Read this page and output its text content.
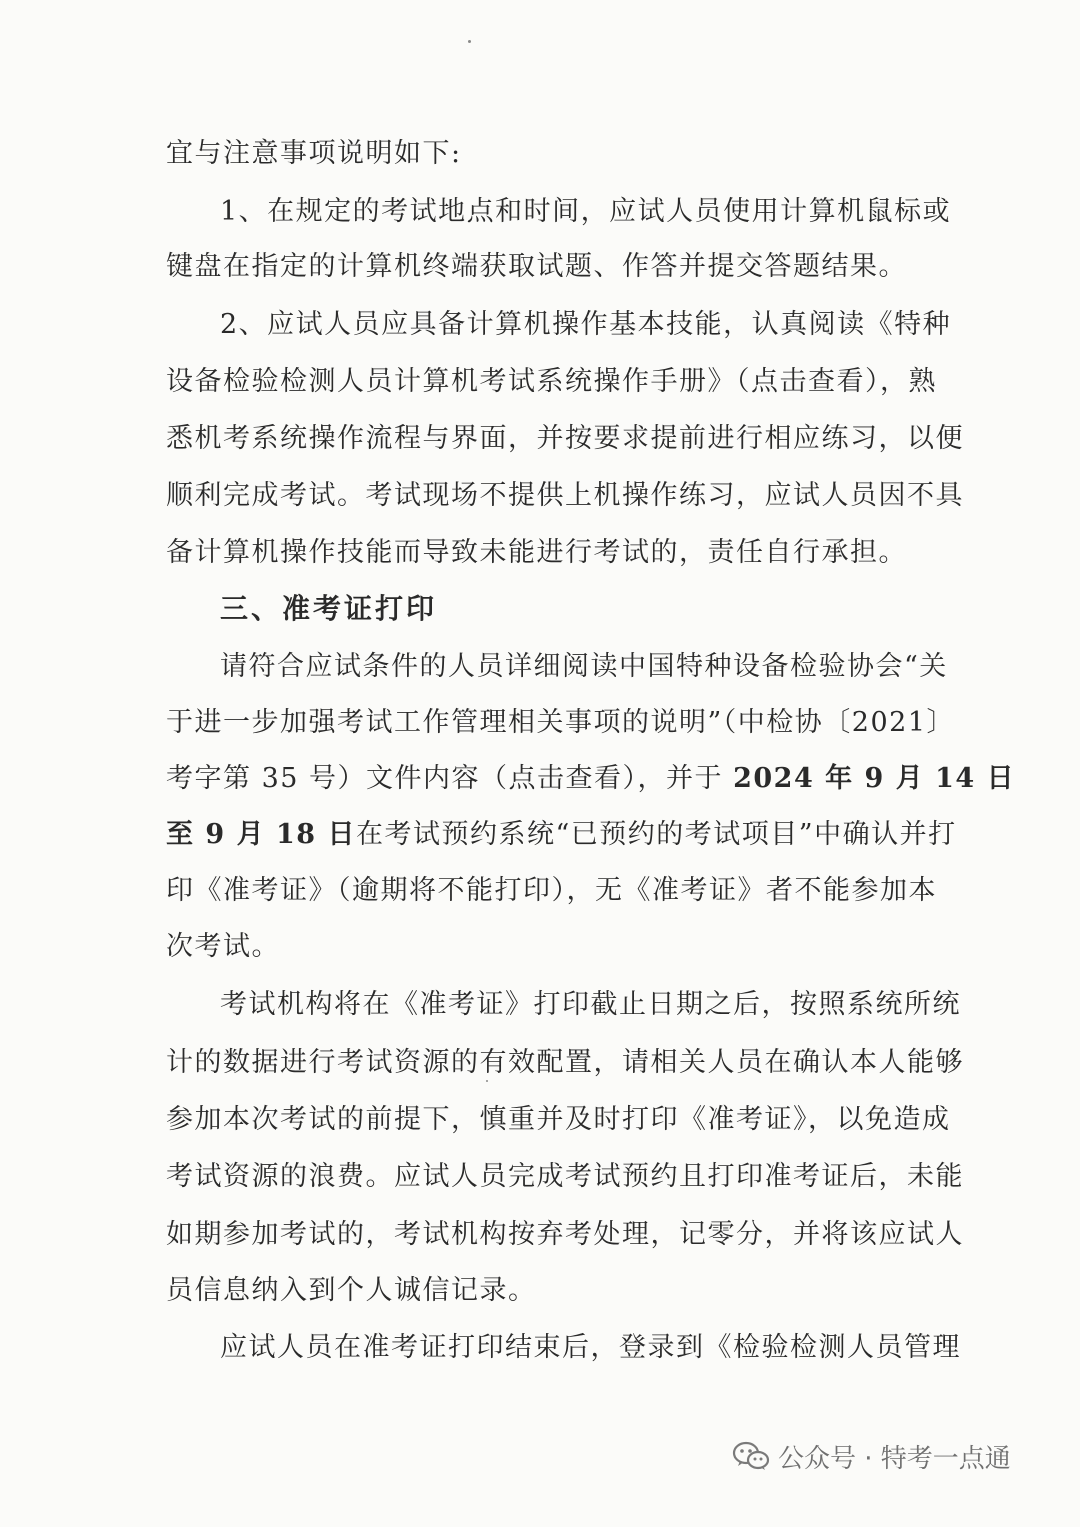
宜与注意事项说明如下:
1、在规定的考试地点和时间，应试人员使用计算机鼠标或
键盘在指定的计算机终端获取试题、作答并提交答题结果。
2、应试人员应具备计算机操作基本技能，认真阅读《特种
设备检验检测人员计算机考试系统操作手册》（点击查看），熟
悉机考系统操作流程与界面，并按要求提前进行相应练习，以便
顺利完成考试。考试现场不提供上机操作练习，应试人员因不具
备计算机操作技能而导致未能进行考试的，责任自行承担。
三、准考证打印
请符合应试条件的人员详细阅读中国特种设备检验协会“关
于进一步加强考试工作管理相关事项的说明”（中检协〔2021〕
考字第 35 号）文件内容（点击查看），并于 2024 年 9 月 14 日
至 9 月 18 日在考试预约系统“已预约的考试项目”中确认并打
印《准考证》（逾期将不能打印），无《准考证》者不能参加本
次考试。
考试机构将在《准考证》打印截止日期之后，按照系统所统
计的数据进行考试资源的有效配置，请相关人员在确认本人能够
参加本次考试的前提下，慎重并及时打印《准考证》，以免造成
考试资源的浪费。应试人员完成考试预约且打印准考证后，未能
如期参加考试的，考试机构按弃考处理，记零分，并将该应试人
员信息纳入到个人诚信记录。
应试人员在准考证打印结束后，登录到《检验检测人员管理
公众号 · 特考一点通
